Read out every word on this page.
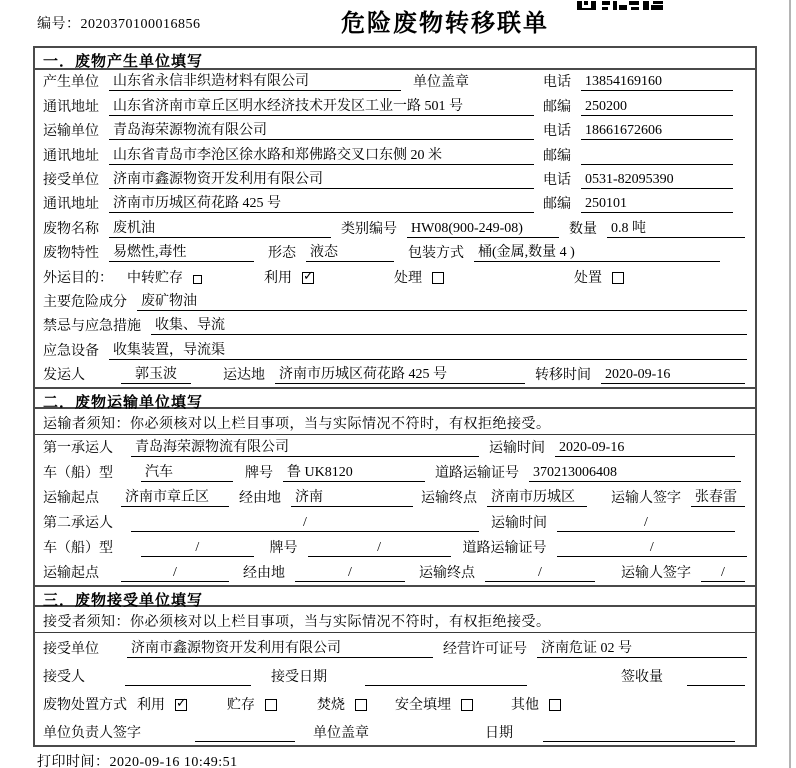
编号：2020370100016856	危险废物转移联单
一．废物产生单位填写
产生单位 山东省永信非织造材料有限公司	单位盖章	电话 13854169160
通讯地址 山东省济南市章丘区明水经济技术开发区工业一路 501 号	邮编 250200
运输单位 青岛海荣源物流有限公司	电话 18661672606
通讯地址 山东省青岛市李沧区徐水路和郑佛路交叉口东侧 20 米	邮编
接受单位 济南市鑫源物资开发利用有限公司	电话 0531-82095390
通讯地址 济南市历城区荷花路 425 号	邮编 250101
废物名称 废机油	类别编号 HW08(900-249-08)	数量 0.8 吨
废物特性 易燃性,毒性	形态 液态	包装方式 桶(金属,数量 4 )
外运目的： 中转贮存	利用 ✓	处理	处置
主要危险成分 废矿物油
禁忌与应急措施 收集、导流
应急设备 收集装置，导流渠
发运人	郭玉波	运达地 济南市历城区荷花路 425 号	转移时间 2020-09-16
二．废物运输单位填写
运输者须知：你必须核对以上栏目事项，当与实际情况不符时，有权拒绝接受。
第一承运人 青岛海荣源物流有限公司	运输时间 2020-09-16
车（船）型 汽车	牌号 鲁 UK8120	道路运输证号 370213006408
运输起点 济南市章丘区	经由地 济南	运输终点 济南市历城区	运输人签字 张春雷
第二承运人	/	运输时间	/
车（船）型	/	牌号	/	道路运输证号	/
运输起点	/	经由地	/	运输终点	/	运输人签字	/
三．废物接受单位填写
接受者须知：你必须核对以上栏目事项，当与实际情况不符时，有权拒绝接受。
接受单位 济南市鑫源物资开发利用有限公司	经营许可证号 济南危证 02 号
接受人	接受日期	签收量
废物处置方式 利用 ✓	贮存	焚烧	安全填埋	其他
单位负责人签字	单位盖章	日期
打印时间：2020-09-16 10:49:51
